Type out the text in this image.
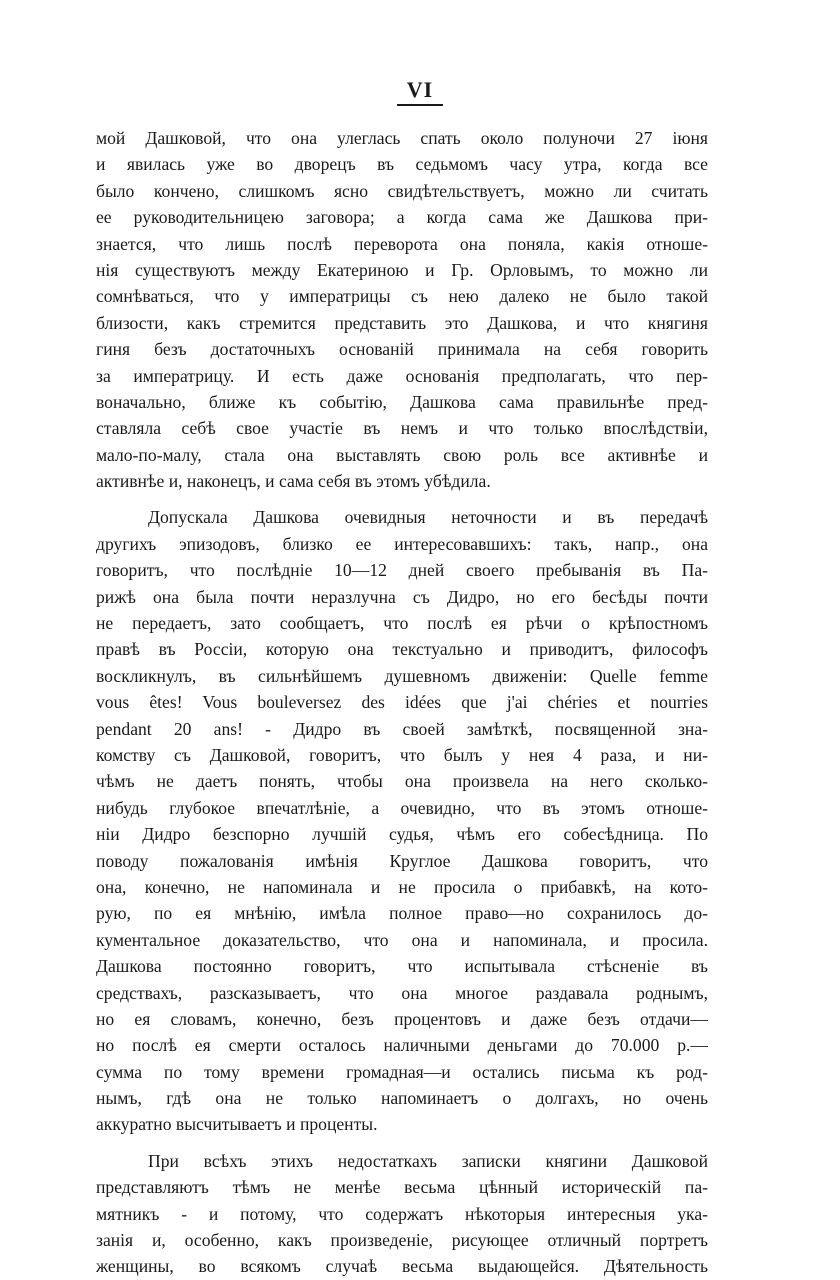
VI
мой Дашковой, что она улеглась спать около полуночи 27 іюня
и явилась уже во дворецъ въ седьмомъ часу утра, когда все
было кончено, слишкомъ ясно свидѣтельствуетъ, можно ли считать
ее руководительницею заговора; а когда сама же Дашкова при-
знается, что лишь послѣ переворота она поняла, какія отноше-
нія существуютъ между Екатериною и Гр. Орловымъ, то можно ли
сомнѣваться, что у императрицы съ нею далеко не было такой
близости, какъ стремится представить это Дашкова, и что княгиня
гиня безъ достаточныхъ основаній принимала на себя говорить
за императрицу. И есть даже основанія предполагать, что пер-
воначально, ближе къ событію, Дашкова сама правильнѣе пред-
ставляла себѣ свое участіе въ немъ и что только впослѣдствіи,
мало-по-малу, стала она выставлять свою роль все активнѣе и
активнѣе и, наконецъ, и сама себя въ этомъ убѣдила.
Допускала Дашкова очевидныя неточности и въ передачѣ
другихъ эпизодовъ, близко ее интересовавшихъ: такъ, напр., она
говоритъ, что послѣдніе 10—12 дней своего пребыванія въ Па-
рижѣ она была почти неразлучна съ Дидро, но его бесѣды почти
не передаетъ, зато сообщаетъ, что послѣ ея рѣчи о крѣпостномъ
правѣ въ Россіи, которую она текстуально и приводитъ, философъ
воскликнулъ, въ сильнѣйшемъ душевномъ движеніи: Quelle femme
vous êtes! Vous bouleversez des idées que j'ai chéries et nourries
pendant 20 ans! - Дидро въ своей замѣткѣ, посвященной зна-
комству съ Дашковой, говоритъ, что былъ у нея 4 раза, и ни-
чѣмъ не даетъ понять, чтобы она произвела на него сколько-
нибудь глубокое впечатлѣніе, а очевидно, что въ этомъ отноше-
ніи Дидро безспорно лучшій судья, чѣмъ его собесѣдница. По
поводу пожалованія имѣнія Круглое Дашкова говоритъ, что
она, конечно, не напоминала и не просила о прибавкѣ, на кото-
рую, по ея мнѣнію, имѣла полное право—но сохранилось до-
кументальное доказательство, что она и напоминала, и просила.
Дашкова постоянно говоритъ, что испытывала стѣсненіе въ
средствахъ, разсказываетъ, что она многое раздавала роднымъ,
но ея словамъ, конечно, безъ процентовъ и даже безъ отдачи—
но послѣ ея смерти осталось наличными деньгами до 70.000 р.—
сумма по тому времени громадная—и остались письма къ род-
нымъ, гдѣ она не только напоминаетъ о долгахъ, но очень
аккуратно высчитываетъ и проценты.
При всѣхъ этихъ недостаткахъ записки княгини Дашковой
представляютъ тѣмъ не менѣе весьма цѣнный историческій па-
мятникъ - и потому, что содержатъ нѣкоторыя интересныя ука-
занія и, особенно, какъ произведеніе, рисующее отличный портретъ
женщины, во всякомъ случаѣ весьма выдающейся. Дѣятельность
